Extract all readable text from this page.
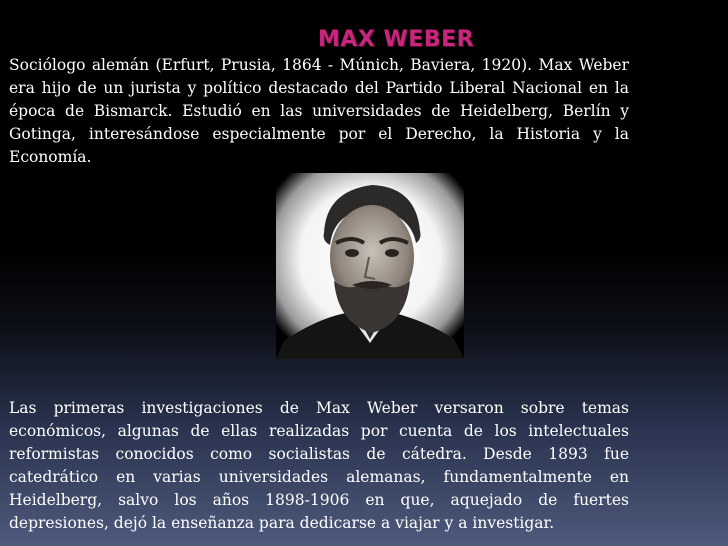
MAX WEBER
Sociólogo alemán (Erfurt, Prusia, 1864 - Múnich, Baviera, 1920). Max Weber era hijo de un jurista y político destacado del Partido Liberal Nacional en la época de Bismarck. Estudió en las universidades de Heidelberg, Berlín y Gotinga, interesándose especialmente por el Derecho, la Historia y la Economía.
Las primeras investigaciones de Max Weber versaron sobre temas económicos, algunas de ellas realizadas por cuenta de los intelectuales reformistas conocidos como socialistas de cátedra. Desde 1893 fue catedrático en varias universidades alemanas, fundamentalmente en Heidelberg, salvo los años 1898-1906 en que, aquejado de fuertes depresiones, dejó la enseñanza para dedicarse a viajar y a investigar.
